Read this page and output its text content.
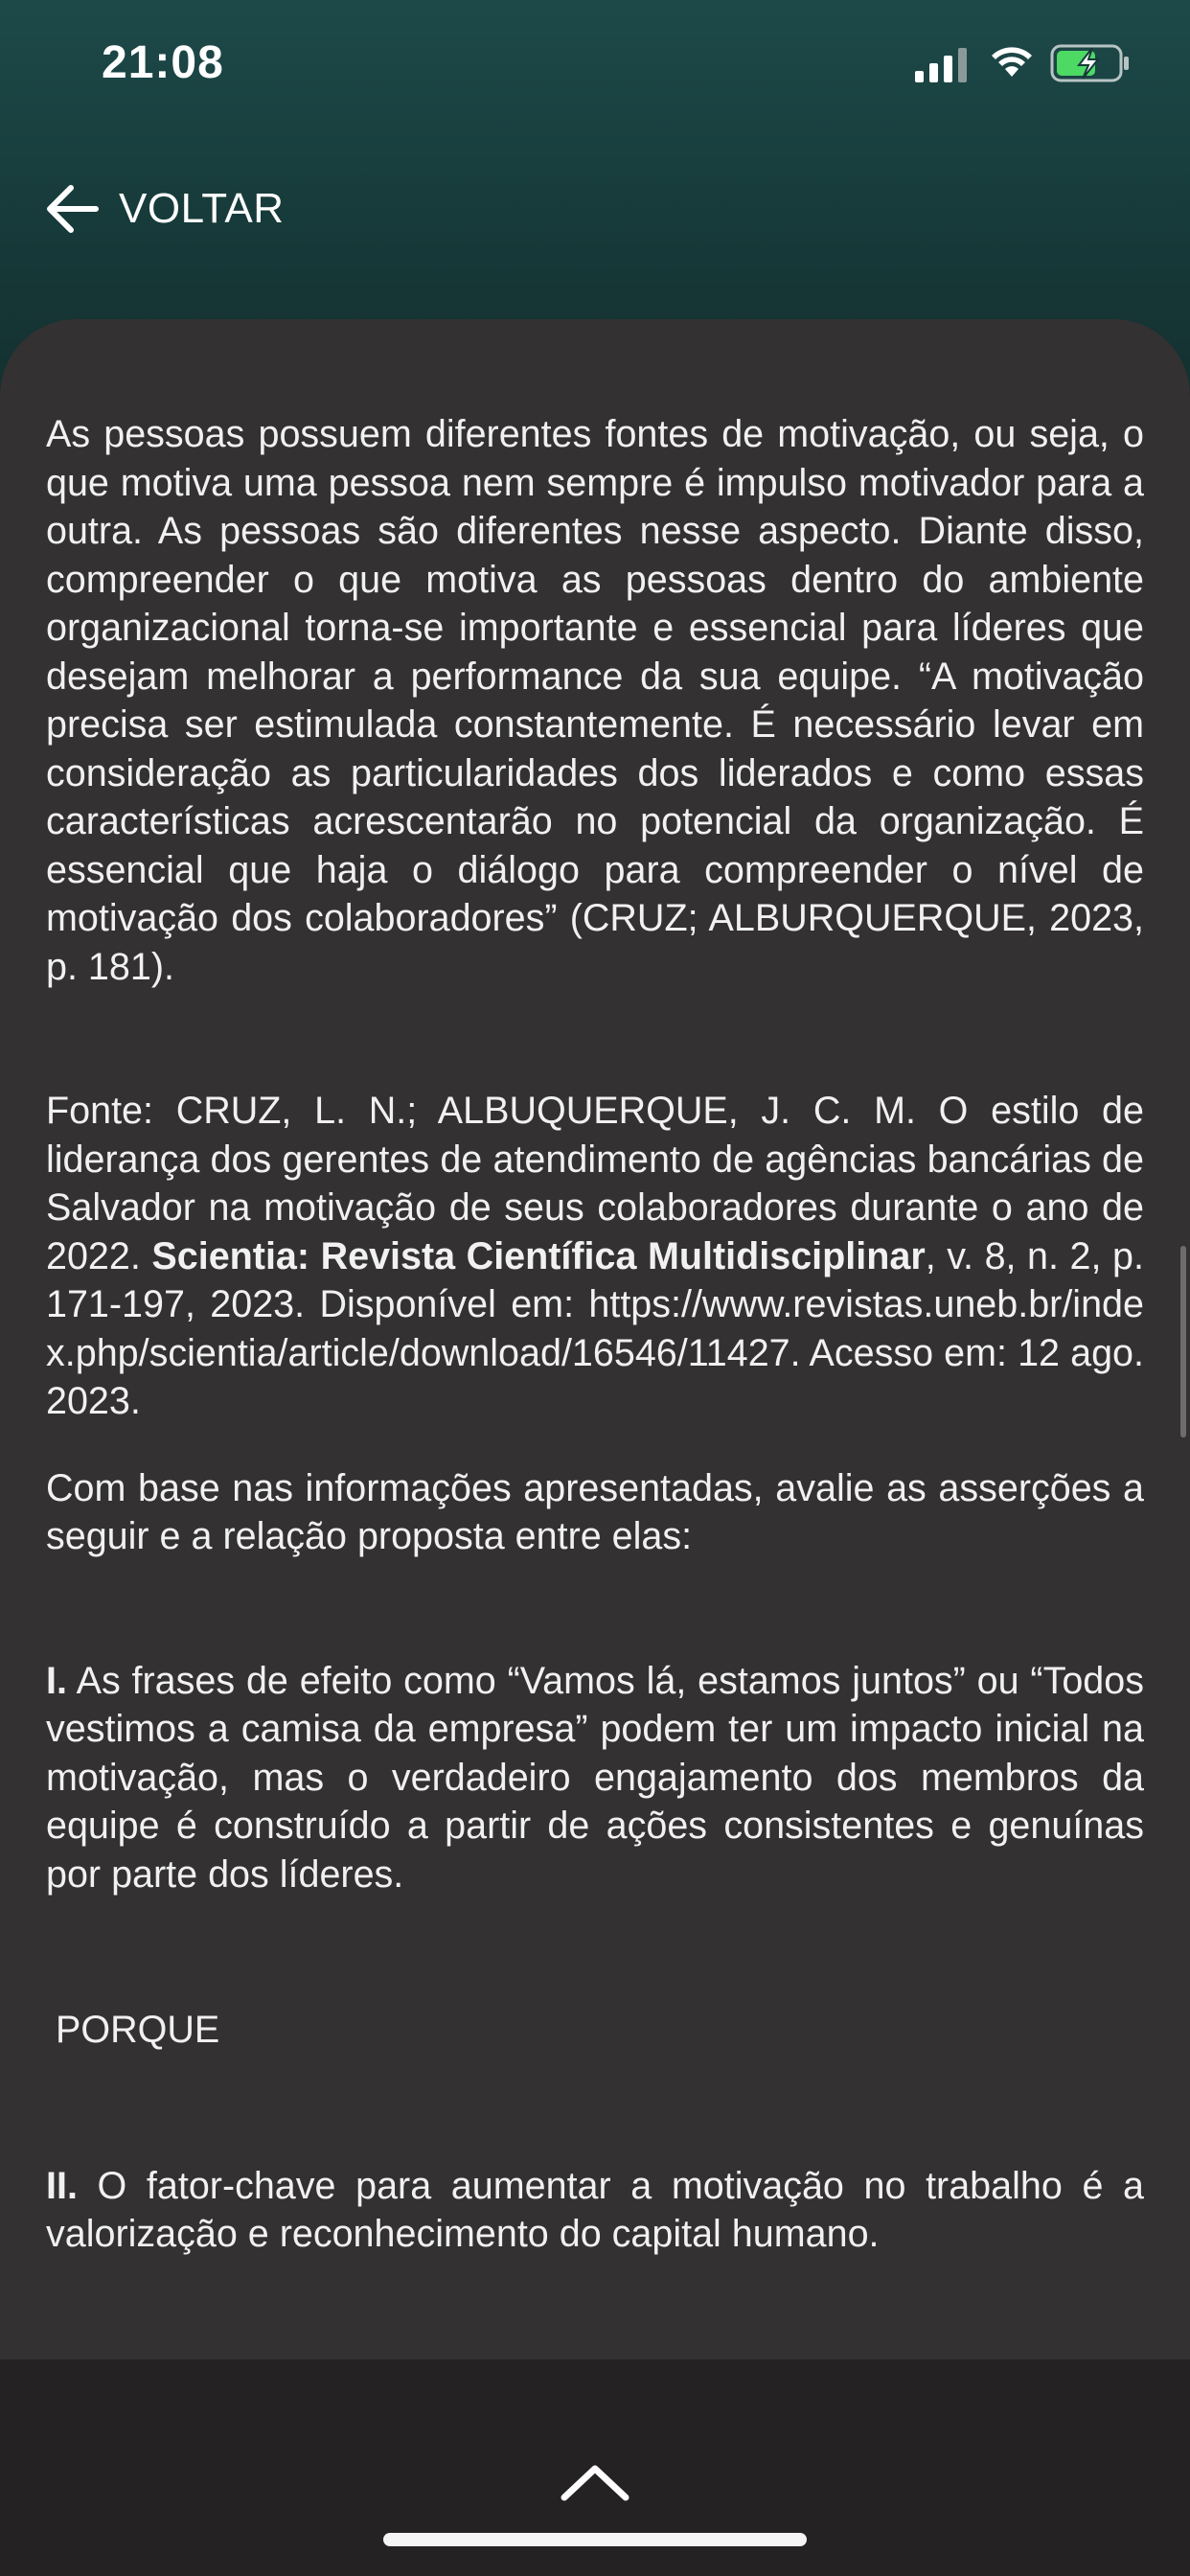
21:08
VOLTAR

As pessoas possuem diferentes fontes de motivação, ou seja, o que motiva uma pessoa nem sempre é impulso motivador para a outra. As pessoas são diferentes nesse aspecto. Diante disso, compreender o que motiva as pessoas dentro do ambiente organizacional torna-se importante e essencial para líderes que desejam melhorar a performance da sua equipe. “A motivação precisa ser estimulada constantemente. É necessário levar em consideração as particularidades dos liderados e como essas características acrescentarão no potencial da organização. É essencial que haja o diálogo para compreender o nível de motivação dos colaboradores” (CRUZ; ALBURQUERQUE, 2023, p. 181).

Fonte: CRUZ, L. N.; ALBUQUERQUE, J. C. M. O estilo de liderança dos gerentes de atendimento de agências bancárias de Salvador na motivação de seus colaboradores durante o ano de 2022. Scientia: Revista Científica Multidisciplinar, v. 8, n. 2, p. 171-197, 2023. Disponível em: https://www.revistas.uneb.br/index.php/scientia/article/download/16546/11427. Acesso em: 12 ago. 2023.

Com base nas informações apresentadas, avalie as asserções a seguir e a relação proposta entre elas:

I. As frases de efeito como “Vamos lá, estamos juntos” ou “Todos vestimos a camisa da empresa” podem ter um impacto inicial na motivação, mas o verdadeiro engajamento dos membros da equipe é construído a partir de ações consistentes e genuínas por parte dos líderes.

PORQUE

II. O fator-chave para aumentar a motivação no trabalho é a valorização e reconhecimento do capital humano.
